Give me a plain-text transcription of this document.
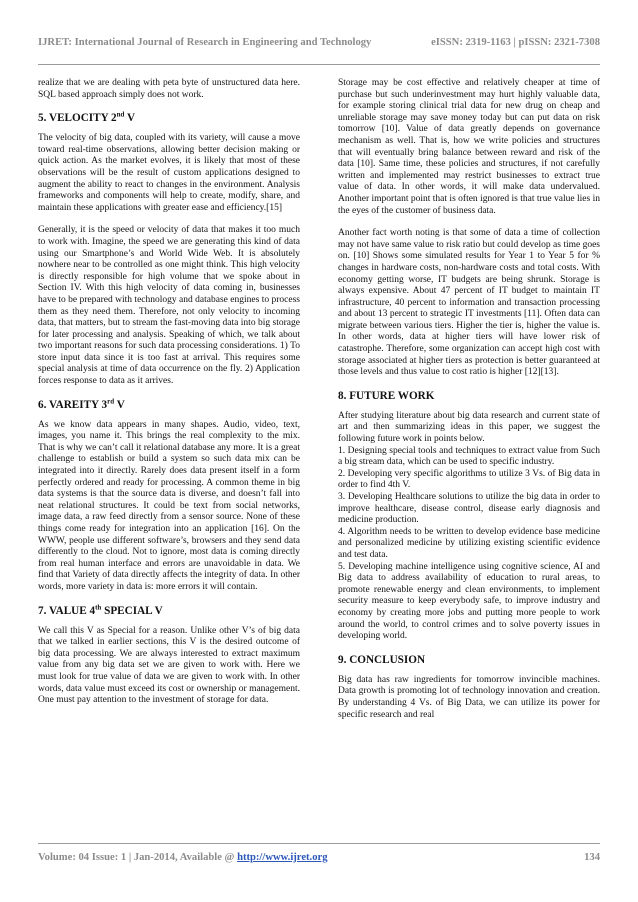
IJRET: International Journal of Research in Engineering and Technology	eISSN: 2319-1163 | pISSN: 2321-7308

realize that we are dealing with peta byte of unstructured data here. SQL based approach simply does not work.

5. VELOCITY 2nd V

The velocity of big data, coupled with its variety, will cause a move toward real-time observations, allowing better decision making or quick action. As the market evolves, it is likely that most of these observations will be the result of custom applications designed to augment the ability to react to changes in the environment. Analysis frameworks and components will help to create, modify, share, and maintain these applications with greater ease and efficiency.[15]

Generally, it is the speed or velocity of data that makes it too much to work with. Imagine, the speed we are generating this kind of data using our Smartphone’s and World Wide Web. It is absolutely nowhere near to be controlled as one might think. This high velocity is directly responsible for high volume that we spoke about in Section IV. With this high velocity of data coming in, businesses have to be prepared with technology and database engines to process them as they need them. Therefore, not only velocity to incoming data, that matters, but to stream the fast-moving data into big storage for later processing and analysis. Speaking of which, we talk about two important reasons for such data processing considerations. 1) To store input data since it is too fast at arrival. This requires some special analysis at time of data occurrence on the fly. 2) Application forces response to data as it arrives.

6. VAREITY 3rd V

As we know data appears in many shapes. Audio, video, text, images, you name it. This brings the real complexity to the mix. That is why we can’t call it relational database any more. It is a great challenge to establish or build a system so such data mix can be integrated into it directly. Rarely does data present itself in a form perfectly ordered and ready for processing. A common theme in big data systems is that the source data is diverse, and doesn’t fall into neat relational structures. It could be text from social networks, image data, a raw feed directly from a sensor source. None of these things come ready for integration into an application [16]. On the WWW, people use different software’s, browsers and they send data differently to the cloud. Not to ignore, most data is coming directly from real human interface and errors are unavoidable in data. We find that Variety of data directly affects the integrity of data. In other words, more variety in data is: more errors it will contain.

7. VALUE 4th SPECIAL V

We call this V as Special for a reason. Unlike other V’s of big data that we talked in earlier sections, this V is the desired outcome of big data processing. We are always interested to extract maximum value from any big data set we are given to work with. Here we must look for true value of data we are given to work with. In other words, data value must exceed its cost or ownership or management. One must pay attention to the investment of storage for data.

Storage may be cost effective and relatively cheaper at time of purchase but such underinvestment may hurt highly valuable data, for example storing clinical trial data for new drug on cheap and unreliable storage may save money today but can put data on risk tomorrow [10]. Value of data greatly depends on governance mechanism as well. That is, how we write policies and structures that will eventually bring balance between reward and risk of the data [10]. Same time, these policies and structures, if not carefully written and implemented may restrict businesses to extract true value of data. In other words, it will make data undervalued. Another important point that is often ignored is that true value lies in the eyes of the customer of business data.

Another fact worth noting is that some of data a time of collection may not have same value to risk ratio but could develop as time goes on. [10] Shows some simulated results for Year 1 to Year 5 for % changes in hardware costs, non-hardware costs and total costs. With economy getting worse, IT budgets are being shrunk. Storage is always expensive. About 47 percent of IT budget to maintain IT infrastructure, 40 percent to information and transaction processing and about 13 percent to strategic IT investments [11]. Often data can migrate between various tiers. Higher the tier is, higher the value is. In other words, data at higher tiers will have lower risk of catastrophe. Therefore, some organization can accept high cost with storage associated at higher tiers as protection is better guaranteed at those levels and thus value to cost ratio is higher [12][13].

8. FUTURE WORK

After studying literature about big data research and current state of art and then summarizing ideas in this paper, we suggest the following future work in points below.

1. Designing special tools and techniques to extract value from Such a big stream data, which can be used to specific industry.

2. Developing very specific algorithms to utilize 3 Vs. of Big data in order to find 4th V.

3. Developing Healthcare solutions to utilize the big data in order to improve healthcare, disease control, disease early diagnosis and medicine production.

4. Algorithm needs to be written to develop evidence base medicine and personalized medicine by utilizing existing scientific evidence and test data.

5. Developing machine intelligence using cognitive science, AI and Big data to address availability of education to rural areas, to promote renewable energy and clean environments, to implement security measure to keep everybody safe, to improve industry and economy by creating more jobs and putting more people to work around the world, to control crimes and to solve poverty issues in developing world.

9. CONCLUSION

Big data has raw ingredients for tomorrow invincible machines. Data growth is promoting lot of technology innovation and creation. By understanding 4 Vs. of Big Data, we can utilize its power for specific research and real

Volume: 04 Issue: 1 | Jan-2014, Available @ http://www.ijret.org	134
